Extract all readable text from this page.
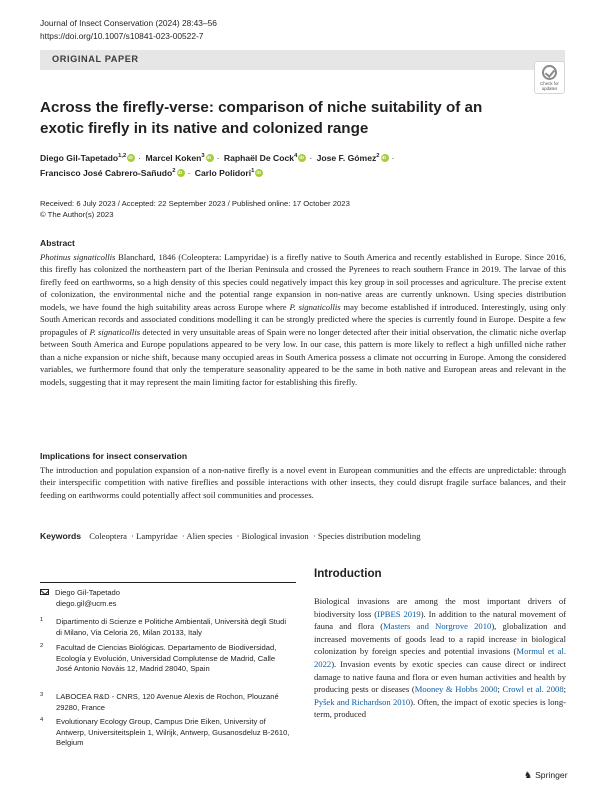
Journal of Insect Conservation (2024) 28:43–56
https://doi.org/10.1007/s10841-023-00522-7
ORIGINAL PAPER
Check for updates
Across the firefly-verse: comparison of niche suitability of an exotic firefly in its native and colonized range
Diego Gil-Tapetado$^{1,2}$ iD · Marcel Koken$^3$ iD · Raphaël De Cock$^4$ iD · Jose F. Gómez$^2$ iD ·
Francisco José Cabrero-Sañudo$^2$ iD · Carlo Polidori$^1$iD
Received: 6 July 2023 / Accepted: 22 September 2023 / Published online: 17 October 2023
© The Author(s) 2023
Abstract

Photinus signaticollis Blanchard, 1846 (Coleoptera: Lampyridae) is a firefly native to South America and recently established in Europe. Since 2016, this firefly has colonized the northeastern part of the Iberian Peninsula and crossed the Pyrenees to reach southern France in 2019. The larvae of this firefly feed on earthworms, so a high density of this species could negatively impact this key group in soil processes and agriculture. The precise extent of colonization, the environmental niche and the potential range expansion in non-native areas are currently unknown. Using species distribution models, we have found the high suitability areas across Europe where P. signaticollis may become established if introduced. Interestingly, using only South American records and associated conditions modelling it can be strongly predicted where the species is currently found in Europe. Despite a few propagules of P. signaticollis detected in very unsuitable areas of Spain were no longer detected after their initial observation, the climatic niche overlap between South America and Europe populations appeared to be very low. In our case, this pattern is more likely to reflect a high unfilled niche rather than a niche expansion or niche shift, because many occupied areas in South America possess a climate not occurring in Europe. Among the considered variables, we furthermore found that only the temperature seasonality appeared to be the same in both native and European areas and relevant in the models, suggesting that it may represent the main limiting factor for establishing this firefly.

Implications for insect conservation

The introduction and population expansion of a non-native firefly is a novel event in European communities and the effects are unpredictable: through their interspecific competition with native fireflies and possible interactions with other insects, they could disrupt fragile surface balances, and their feeding on earthworms could potentially affect soil communities and processes.

Keywords Coleoptera · Lampyridae · Alien species · Biological invasion · Species distribution modeling
Diego Gil-Tapetado
diego.gil@ucm.es
1	Dipartimento di Scienze e Politiche Ambientali, Università degli Studi di Milano, Via Celoria 26, Milan 20133, Italy
2	Facultad de Ciencias Biológicas. Departamento de Biodiversidad, Ecología y Evolución, Universidad Complutense de Madrid, Calle José Antonio Nováis 12, Madrid 28040, Spain
3	LABOCEA R&D - CNRS, 120 Avenue Alexis de Rochon, Plouzané 29280, France
4	Evolutionary Ecology Group, Campus Drie Eiken, University of Antwerp, Universiteitsplein 1, Wilrijk, Antwerp, Gusanosdeluz B-2610, Belgium
Introduction

Biological invasions are among the most important drivers of biodiversity loss (IPBES 2019). In addition to the natural movement of fauna and flora (Masters and Norgrove 2010), globalization and increased movements of goods lead to a rapid increase in biological colonization by foreign species and potential invasions (Mormul et al. 2022). Invasion events by exotic species can cause direct or indirect damage to native fauna and flora or even human activities and health by producing pests or diseases (Mooney & Hobbs 2000; Crowl et al. 2008; Pyšek and Richardson 2010). Often, the impact of exotic species is long-term, produced

♞ Springer
